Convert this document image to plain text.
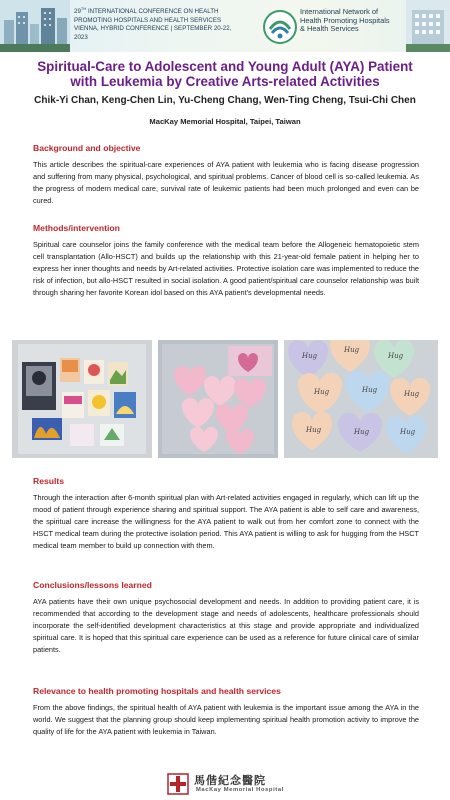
29TH INTERNATIONAL CONFERENCE ON HEALTH
PROMOTING HOSPITALS AND HEALTH SERVICES
VIENNA, HYBRID CONFERENCE | SEPTEMBER 20-22, 2023
International Network of
Health Promoting Hospitals
& Health Services
Spiritual-Care to Adolescent and Young Adult (AYA) Patient
with Leukemia by Creative Arts-related Activities
Chik-Yi Chan, Keng-Chen Lin, Yu-Cheng Chang, Wen-Ting Cheng, Tsui-Chi Chen
MacKay Memorial Hospital, Taipei, Taiwan
Background and objective
This article describes the spiritual-care experiences of AYA patient with leukemia who is facing disease progression and suffering from many physical, psychological, and spiritual problems. Cancer of blood cell is so-called leukemia. As the progress of modern medical care, survival rate of leukemic patients had been much prolonged and even can be cured.
Methods/intervention
Spiritual care counselor joins the family conference with the medical team before the Allogeneic hematopoietic stem cell transplantation (Allo-HSCT) and builds up the relationship with this 21-year-old female patient in helping her to express her inner thoughts and needs by Art-related activities. Protective isolation care was implemented to reduce the risk of infection, but allo-HSCT resulted in social isolation. A good patient/spiritual care counselor relationship was built through sharing her favorite Korean idol based on this AYA patient's developmental needs.
Hug
Hug
Hug
Hug	Hug	Hug
Hug	Hug	Hug
Results
Through the interaction after 6-month spiritual plan with Art-related activities engaged in regularly, which can lift up the mood of patient through experience sharing and spiritual support. The AYA patient is able to self care and awareness, the spiritual care increase the willingness for the AYA patient to walk out from her comfort zone to connect with the HSCT medical team during the protective isolation period. This AYA patient is willing to ask for hugging from the HSCT medical team member to build up connection with them.
Conclusions/lessons learned
AYA patients have their own unique psychosocial development and needs. In addition to providing patient care, it is recommended that according to the development stage and needs of adolescents, healthcare professionals should incorporate the self-identified development characteristics at this stage and provide appropriate and individualized spiritual care. It is hoped that this spiritual care experience can be used as a reference for future clinical care of similar patients.
Relevance to health promoting hospitals and health services
From the above findings, the spiritual health of AYA patient with leukemia is the important issue among the AYA in the world. We suggest that the planning group should keep implementing spiritual health promotion activity to improve the quality of life for the AYA patient with leukemia in Taiwan.
馬偕紀念醫院
MacKay Memorial Hospital
